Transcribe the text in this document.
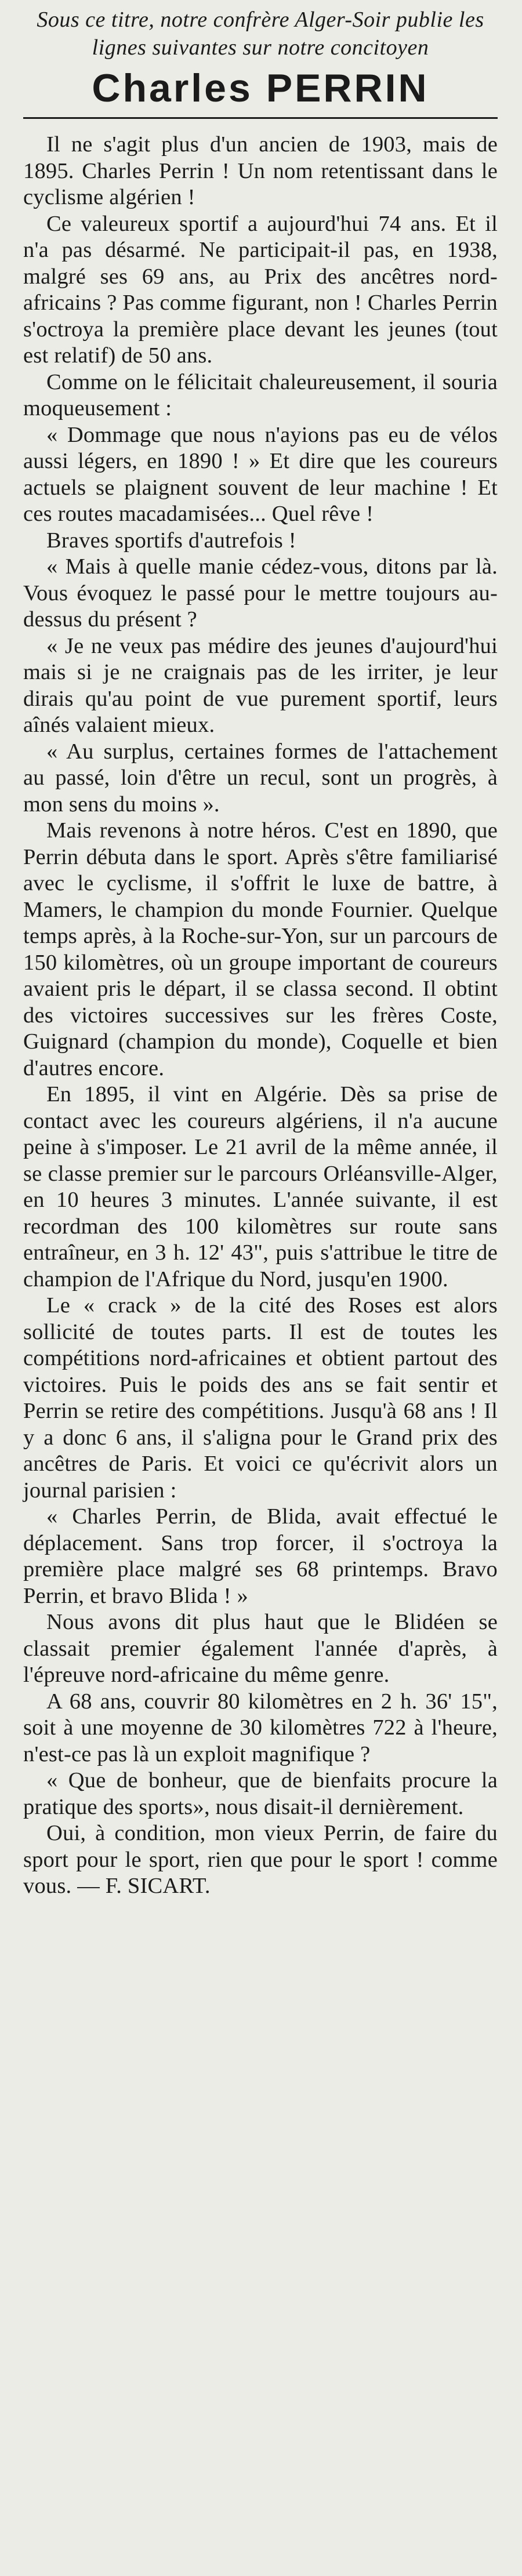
Sous ce titre, notre confrère Alger-Soir publie les lignes suivantes sur notre concitoyen

Charles PERRIN

Il ne s'agit plus d'un ancien de 1903, mais de 1895. Charles Perrin ! Un nom retentissant dans le cyclisme algérien !

Ce valeureux sportif a aujourd'hui 74 ans. Et il n'a pas désarmé. Ne participait-il pas, en 1938, malgré ses 69 ans, au Prix des ancêtres nord-africains ? Pas comme figurant, non ! Charles Perrin s'octroya la première place devant les jeunes (tout est relatif) de 50 ans.

Comme on le félicitait chaleureusement, il souria moqueusement :

« Dommage que nous n'ayions pas eu de vélos aussi légers, en 1890 ! » Et dire que les coureurs actuels se plaignent souvent de leur machine ! Et ces routes macadamisées... Quel rêve !

Braves sportifs d'autrefois !

« Mais à quelle manie cédez-vous, ditons par là. Vous évoquez le passé pour le mettre toujours au-dessus du présent ?

« Je ne veux pas médire des jeunes d'aujourd'hui mais si je ne craignais pas de les irriter, je leur dirais qu'au point de vue purement sportif, leurs aînés valaient mieux.

« Au surplus, certaines formes de l'attachement au passé, loin d'être un recul, sont un progrès, à mon sens du moins ».

Mais revenons à notre héros. C'est en 1890, que Perrin débuta dans le sport. Après s'être familiarisé avec le cyclisme, il s'offrit le luxe de battre, à Mamers, le champion du monde Fournier. Quelque temps après, à la Roche-sur-Yon, sur un parcours de 150 kilomètres, où un groupe important de coureurs avaient pris le départ, il se classa second. Il obtint des victoires successives sur les frères Coste, Guignard (champion du monde), Coquelle et bien d'autres encore.

En 1895, il vint en Algérie. Dès sa prise de contact avec les coureurs algériens, il n'a aucune peine à s'imposer. Le 21 avril de la même année, il se classe premier sur le parcours Orléansville-Alger, en 10 heures 3 minutes. L'année suivante, il est recordman des 100 kilomètres sur route sans entraîneur, en 3 h. 12' 43", puis s'attribue le titre de champion de l'Afrique du Nord, jusqu'en 1900.

Le « crack » de la cité des Roses est alors sollicité de toutes parts. Il est de toutes les compétitions nord-africaines et obtient partout des victoires. Puis le poids des ans se fait sentir et Perrin se retire des compétitions. Jusqu'à 68 ans ! Il y a donc 6 ans, il s'aligna pour le Grand prix des ancêtres de Paris. Et voici ce qu'écrivit alors un journal parisien :

« Charles Perrin, de Blida, avait effectué le déplacement. Sans trop forcer, il s'octroya la première place malgré ses 68 printemps. Bravo Perrin, et bravo Blida ! »

Nous avons dit plus haut que le Blidéen se classait premier également l'année d'après, à l'épreuve nord-africaine du même genre.

A 68 ans, couvrir 80 kilomètres en 2 h. 36' 15", soit à une moyenne de 30 kilomètres 722 à l'heure, n'est-ce pas là un exploit magnifique ?

« Que de bonheur, que de bienfaits procure la pratique des sports», nous disait-il dernièrement.

Oui, à condition, mon vieux Perrin, de faire du sport pour le sport, rien que pour le sport ! comme vous. — F. SICART.
